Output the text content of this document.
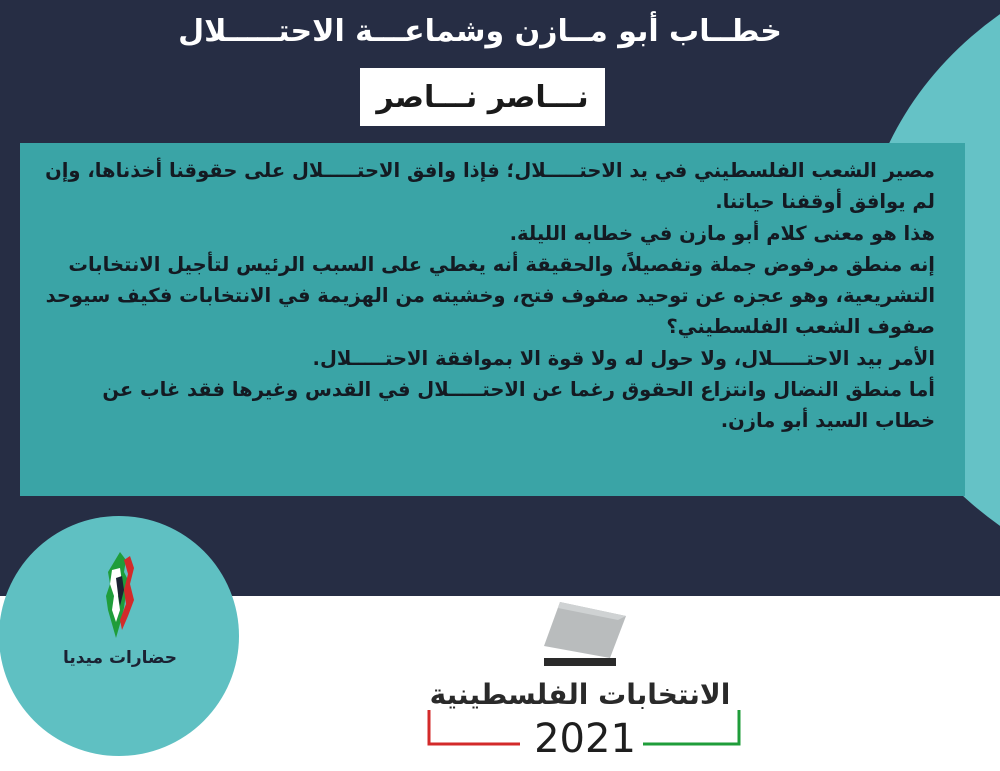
خطــاب أبو مــازن وشماعـــة الاحتـــــلال
نـــاصر نـــاصر

مصير الشعب الفلسطيني في يد الاحتـــــلال؛ فإذا وافق الاحتـــــلال على حقوقنا أخذناها، وإن لم يوافق أوقفنا حياتنا.

هذا هو معنى كلام أبو مازن في خطابه الليلة.

إنه منطق مرفوض جملة وتفصيلاً، والحقيقة أنه يغطي على السبب الرئيس لتأجيل الانتخابات التشريعية، وهو عجزه عن توحيد صفوف فتح، وخشيته من الهزيمة في الانتخابات فكيف سيوحد صفوف الشعب الفلسطيني؟

الأمر بيد الاحتـــــلال، ولا حول له ولا قوة الا بموافقة الاحتـــــلال.

أما منطق النضال وانتزاع الحقوق رغما عن الاحتـــــلال في القدس وغيرها فقد غاب عن خطاب السيد أبو مازن.

حضارات ميديا
الانتخابات الفلسطينية
2021
